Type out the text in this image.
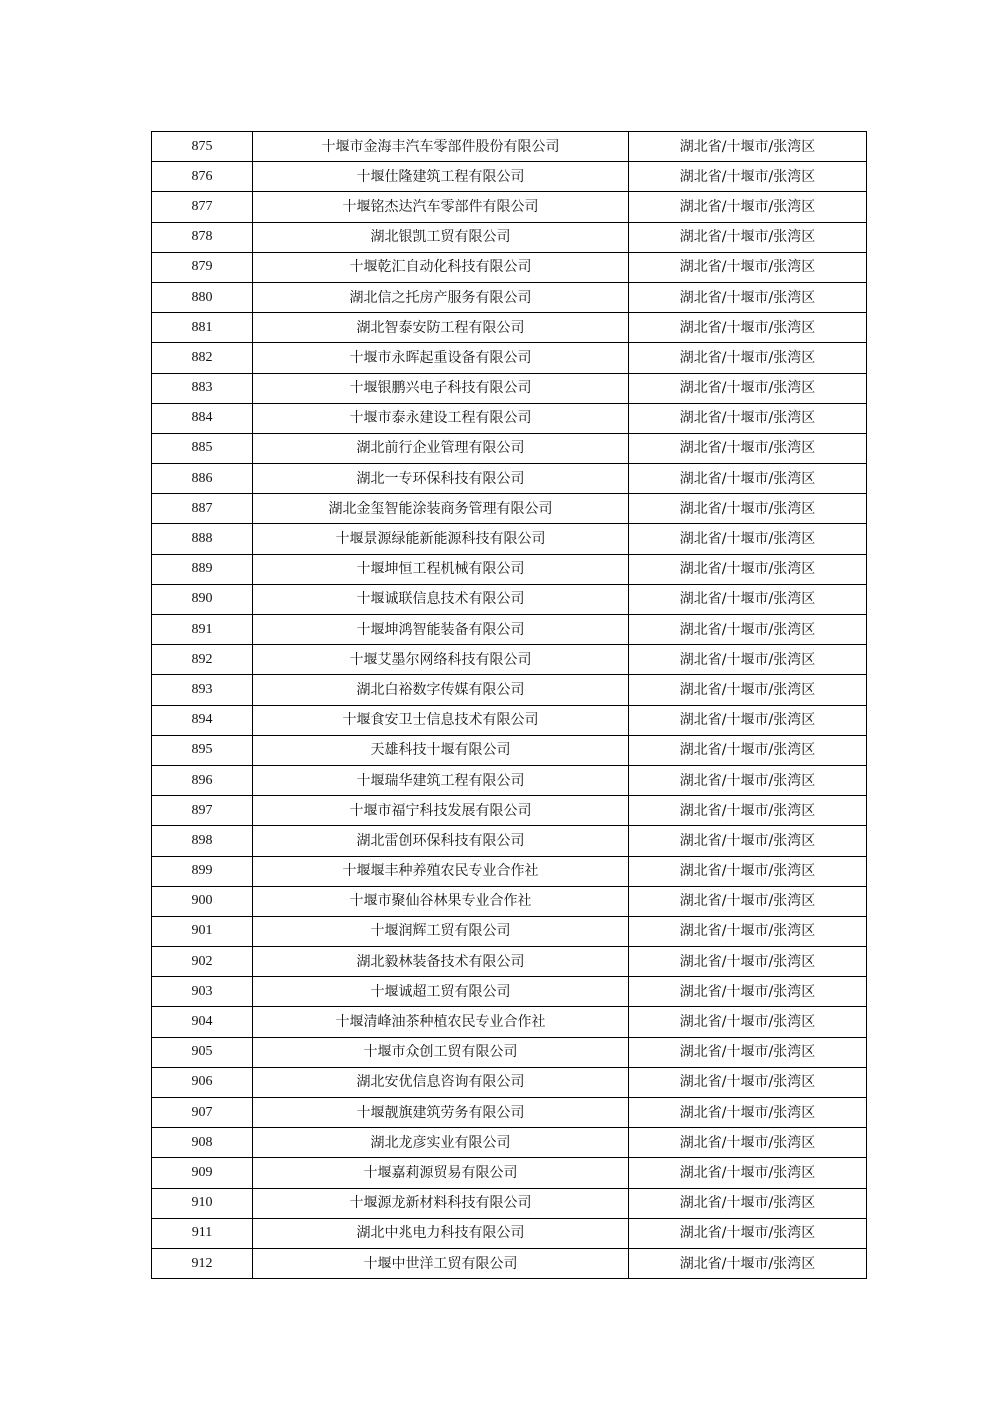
875	十堰市金海丰汽车零部件股份有限公司	湖北省/十堰市/张湾区
876	十堰仕隆建筑工程有限公司	湖北省/十堰市/张湾区
877	十堰铭杰达汽车零部件有限公司	湖北省/十堰市/张湾区
878	湖北银凯工贸有限公司	湖北省/十堰市/张湾区
879	十堰乾汇自动化科技有限公司	湖北省/十堰市/张湾区
880	湖北信之托房产服务有限公司	湖北省/十堰市/张湾区
881	湖北智泰安防工程有限公司	湖北省/十堰市/张湾区
882	十堰市永晖起重设备有限公司	湖北省/十堰市/张湾区
883	十堰银鹏兴电子科技有限公司	湖北省/十堰市/张湾区
884	十堰市泰永建设工程有限公司	湖北省/十堰市/张湾区
885	湖北前行企业管理有限公司	湖北省/十堰市/张湾区
886	湖北一专环保科技有限公司	湖北省/十堰市/张湾区
887	湖北金玺智能涂装商务管理有限公司	湖北省/十堰市/张湾区
888	十堰景源绿能新能源科技有限公司	湖北省/十堰市/张湾区
889	十堰坤恒工程机械有限公司	湖北省/十堰市/张湾区
890	十堰诚联信息技术有限公司	湖北省/十堰市/张湾区
891	十堰坤鸿智能装备有限公司	湖北省/十堰市/张湾区
892	十堰艾墨尔网络科技有限公司	湖北省/十堰市/张湾区
893	湖北白裕数字传媒有限公司	湖北省/十堰市/张湾区
894	十堰食安卫士信息技术有限公司	湖北省/十堰市/张湾区
895	天雄科技十堰有限公司	湖北省/十堰市/张湾区
896	十堰瑞华建筑工程有限公司	湖北省/十堰市/张湾区
897	十堰市福宁科技发展有限公司	湖北省/十堰市/张湾区
898	湖北雷创环保科技有限公司	湖北省/十堰市/张湾区
899	十堰堰丰种养殖农民专业合作社	湖北省/十堰市/张湾区
900	十堰市聚仙谷林果专业合作社	湖北省/十堰市/张湾区
901	十堰润辉工贸有限公司	湖北省/十堰市/张湾区
902	湖北毅林装备技术有限公司	湖北省/十堰市/张湾区
903	十堰诚超工贸有限公司	湖北省/十堰市/张湾区
904	十堰清峰油茶种植农民专业合作社	湖北省/十堰市/张湾区
905	十堰市众创工贸有限公司	湖北省/十堰市/张湾区
906	湖北安优信息咨询有限公司	湖北省/十堰市/张湾区
907	十堰靓旗建筑劳务有限公司	湖北省/十堰市/张湾区
908	湖北龙彦实业有限公司	湖北省/十堰市/张湾区
909	十堰嘉莉源贸易有限公司	湖北省/十堰市/张湾区
910	十堰源龙新材料科技有限公司	湖北省/十堰市/张湾区
911	湖北中兆电力科技有限公司	湖北省/十堰市/张湾区
912	十堰中世洋工贸有限公司	湖北省/十堰市/张湾区
